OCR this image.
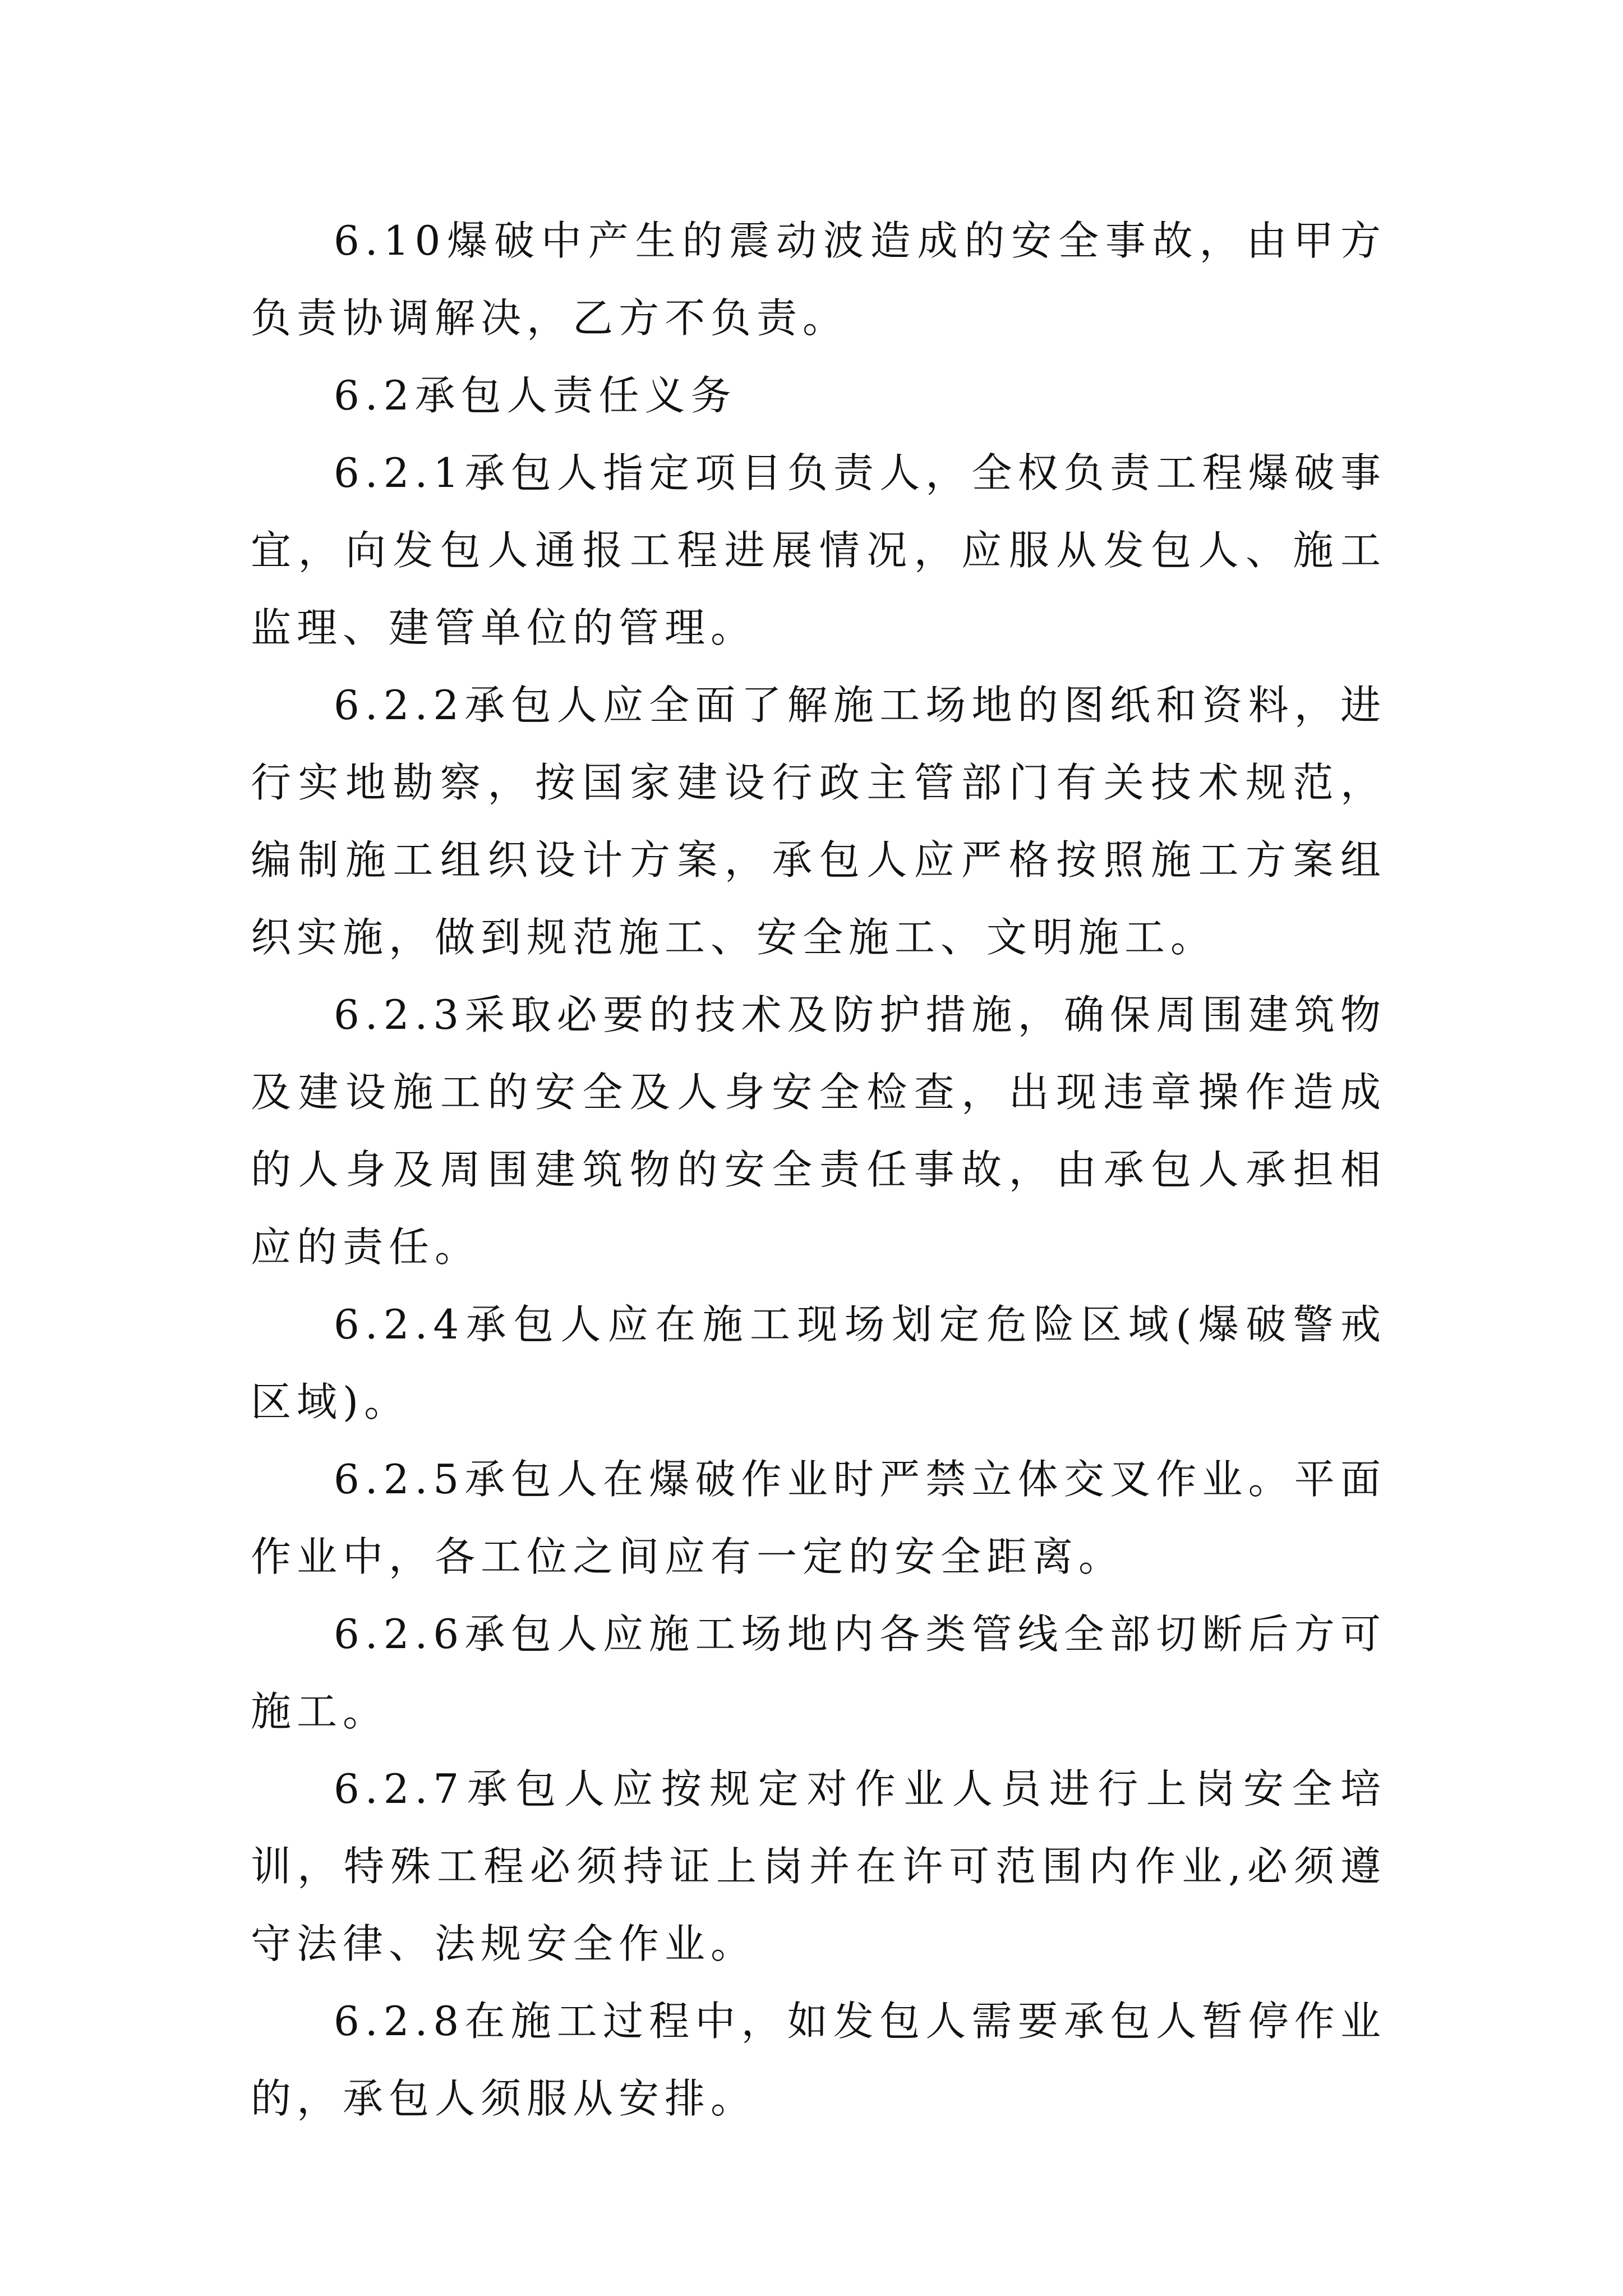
6.10爆破中产生的震动波造成的安全事故，由甲方负责协调解决，乙方不负责。

6.2承包人责任义务

6.2.1承包人指定项目负责人，全权负责工程爆破事宜，向发包人通报工程进展情况，应服从发包人、施工监理、建管单位的管理。

6.2.2承包人应全面了解施工场地的图纸和资料，进行实地勘察，按国家建设行政主管部门有关技术规范，编制施工组织设计方案，承包人应严格按照施工方案组织实施，做到规范施工、安全施工、文明施工。

6.2.3采取必要的技术及防护措施，确保周围建筑物及建设施工的安全及人身安全检查，出现违章操作造成的人身及周围建筑物的安全责任事故，由承包人承担相应的责任。

6.2.4承包人应在施工现场划定危险区域(爆破警戒区域)。

6.2.5承包人在爆破作业时严禁立体交叉作业。平面作业中，各工位之间应有一定的安全距离。

6.2.6承包人应施工场地内各类管线全部切断后方可施工。

6.2.7承包人应按规定对作业人员进行上岗安全培训，特殊工程必须持证上岗并在许可范围内作业,必须遵守法律、法规安全作业。

6.2.8在施工过程中，如发包人需要承包人暂停作业的，承包人须服从安排。
